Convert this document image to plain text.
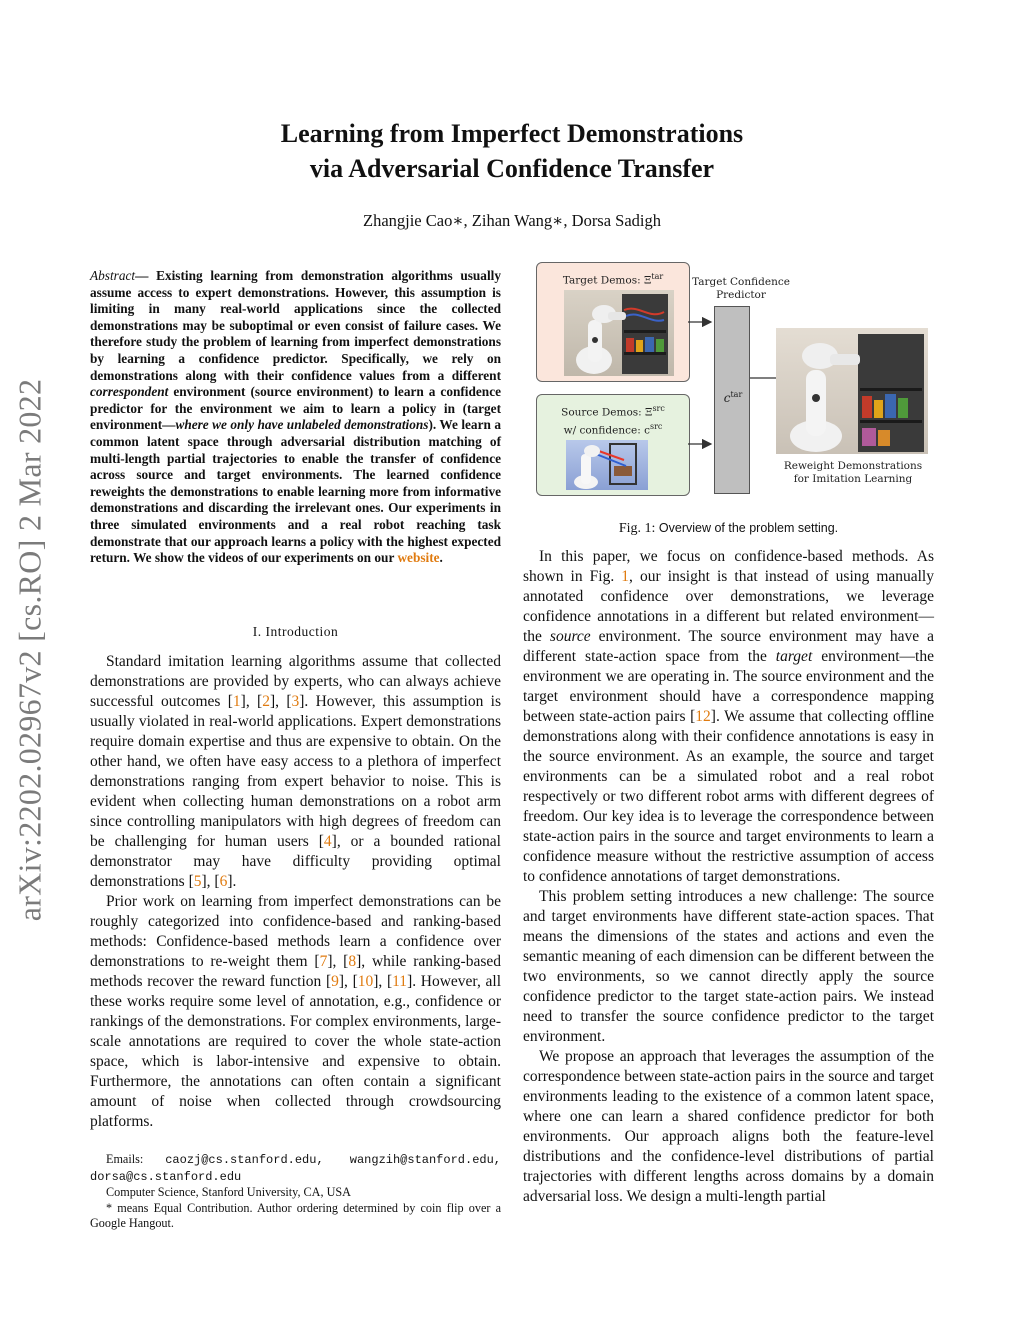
arXiv:2202.02967v2 [cs.RO] 2 Mar 2022
Learning from Imperfect Demonstrations
via Adversarial Confidence Transfer
Zhangjie Cao∗, Zihan Wang∗, Dorsa Sadigh
Abstract— Existing learning from demonstration algorithms usually assume access to expert demonstrations. However, this assumption is limiting in many real-world applications since the collected demonstrations may be suboptimal or even consist of failure cases. We therefore study the problem of learning from imperfect demonstrations by learning a confidence predictor. Specifically, we rely on demonstrations along with their confidence values from a different correspondent environment (source environment) to learn a confidence predictor for the environment we aim to learn a policy in (target environment—where we only have unlabeled demonstrations). We learn a common latent space through adversarial distribution matching of multi-length partial trajectories to enable the transfer of confidence across source and target environments. The learned confidence reweights the demonstrations to enable learning more from informative demonstrations and discarding the irrelevant ones. Our experiments in three simulated environments and a real robot reaching task demonstrate that our approach learns a policy with the highest expected return. We show the videos of our experiments on our website.
I. Introduction

Standard imitation learning algorithms assume that collected demonstrations are provided by experts, who can always achieve successful outcomes [1], [2], [3]. However, this assumption is usually violated in real-world applications. Expert demonstrations require domain expertise and thus are expensive to obtain. On the other hand, we often have easy access to a plethora of imperfect demonstrations ranging from expert behavior to noise. This is evident when collecting human demonstrations on a robot arm since controlling manipulators with high degrees of freedom can be challenging for human users [4], or a bounded rational demonstrator may have difficulty providing optimal demonstrations [5], [6].

Prior work on learning from imperfect demonstrations can be roughly categorized into confidence-based and ranking-based methods: Confidence-based methods learn a confidence over demonstrations to re-weight them [7], [8], while ranking-based methods recover the reward function [9], [10], [11]. However, all these works require some level of annotation, e.g., confidence or rankings of the demonstrations. For complex environments, large-scale annotations are required to cover the whole state-action space, which is labor-intensive and expensive to obtain. Furthermore, the annotations can often contain a significant amount of noise when collected through crowdsourcing platforms.

Emails: caozj@cs.stanford.edu, wangzih@stanford.edu, dorsa@cs.stanford.edu
Computer Science, Stanford University, CA, USA
* means Equal Contribution. Author ordering determined by coin flip over a Google Hangout.
Target Demos: $\Xi^{tar}$
Source Demos: $\Xi^{src}$
w/ confidence: $c^{src}$
Target Confidence
Predictor
$c^{tar}$
Reweight Demonstrations
for Imitation Learning
Fig. 1: Overview of the problem setting.

In this paper, we focus on confidence-based methods. As shown in Fig. 1, our insight is that instead of using manually annotated confidence over demonstrations, we leverage confidence annotations in a different but related environment—the source environment. The source environment may have a different state-action space from the target environment—the environment we are operating in. The source environment and the target environment should have a correspondence mapping between state-action pairs [12]. We assume that collecting offline demonstrations along with their confidence annotations is easy in the source environment. As an example, the source and target environments can be a simulated robot and a real robot respectively or two different robot arms with different degrees of freedom. Our key idea is to leverage the correspondence between state-action pairs in the source and target environments to learn a confidence measure without the restrictive assumption of access to confidence annotations of target demonstrations.

This problem setting introduces a new challenge: The source and target environments have different state-action spaces. That means the dimensions of the states and actions and even the semantic meaning of each dimension can be different between the two environments, so we cannot directly apply the source confidence predictor to the target state-action pairs. We instead need to transfer the source confidence predictor to the target environment.

We propose an approach that leverages the assumption of the correspondence between state-action pairs in the source and target environments leading to the existence of a common latent space, where one can learn a shared confidence predictor for both environments. Our approach aligns both the feature-level distributions and the confidence-level distributions of partial trajectories with different lengths across domains by a domain adversarial loss. We design a multi-length partial
